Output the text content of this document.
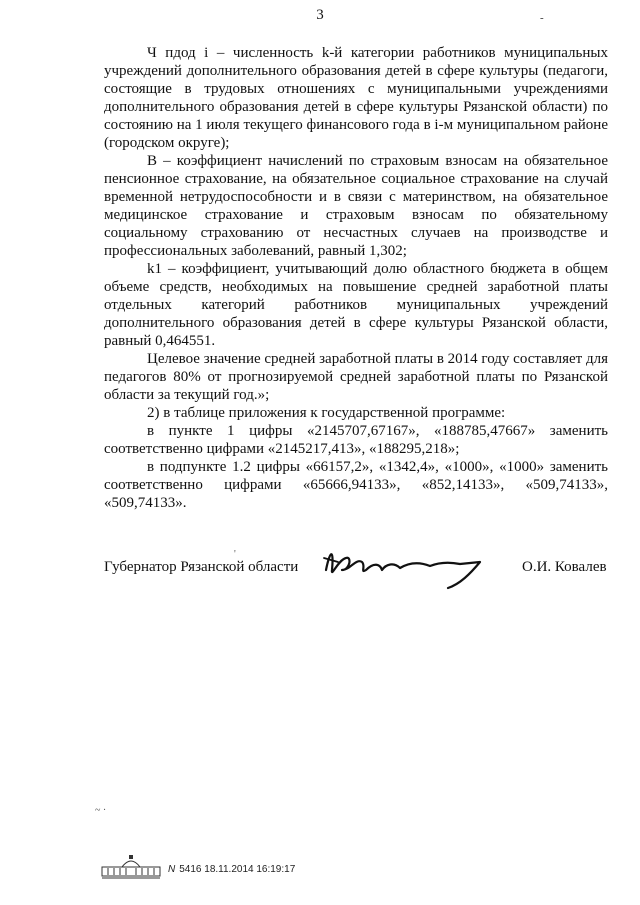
3	-

Ч пдод i – численность k-й категории работников муниципальных учреждений дополнительного образования детей в сфере культуры (педагоги, состоящие в трудовых отношениях с муниципальными учреждениями дополнительного образования детей в сфере культуры Рязанской области) по состоянию на 1 июля текущего финансового года в i-м муниципальном районе (городском округе);

В – коэффициент начислений по страховым взносам на обязательное пенсионное страхование, на обязательное социальное страхование на случай временной нетрудоспособности и в связи с материнством, на обязательное медицинское страхование и страховым взносам по обязательному социальному страхованию от несчастных случаев на производстве и профессиональных заболеваний, равный 1,302;

k1 – коэффициент, учитывающий долю областного бюджета в общем объеме средств, необходимых на повышение средней заработной платы отдельных категорий работников муниципальных учреждений дополнительного образования детей в сфере культуры Рязанской области, равный 0,464551.

Целевое значение средней заработной платы в 2014 году составляет для педагогов 80% от прогнозируемой средней заработной платы по Рязанской области за текущий год.»;

2) в таблице приложения к государственной программе:

в пункте 1 цифры «2145707,67167», «188785,47667» заменить соответственно цифрами «2145217,413», «188295,218»;

в подпункте 1.2 цифры «66157,2», «1342,4», «1000», «1000» заменить соответственно цифрами «65666,94133», «852,14133», «509,74133», «509,74133».

'
Губернатор Рязанской области	О.И. Ковалев
~ ·
N 5416 18.11.2014 16:19:17
